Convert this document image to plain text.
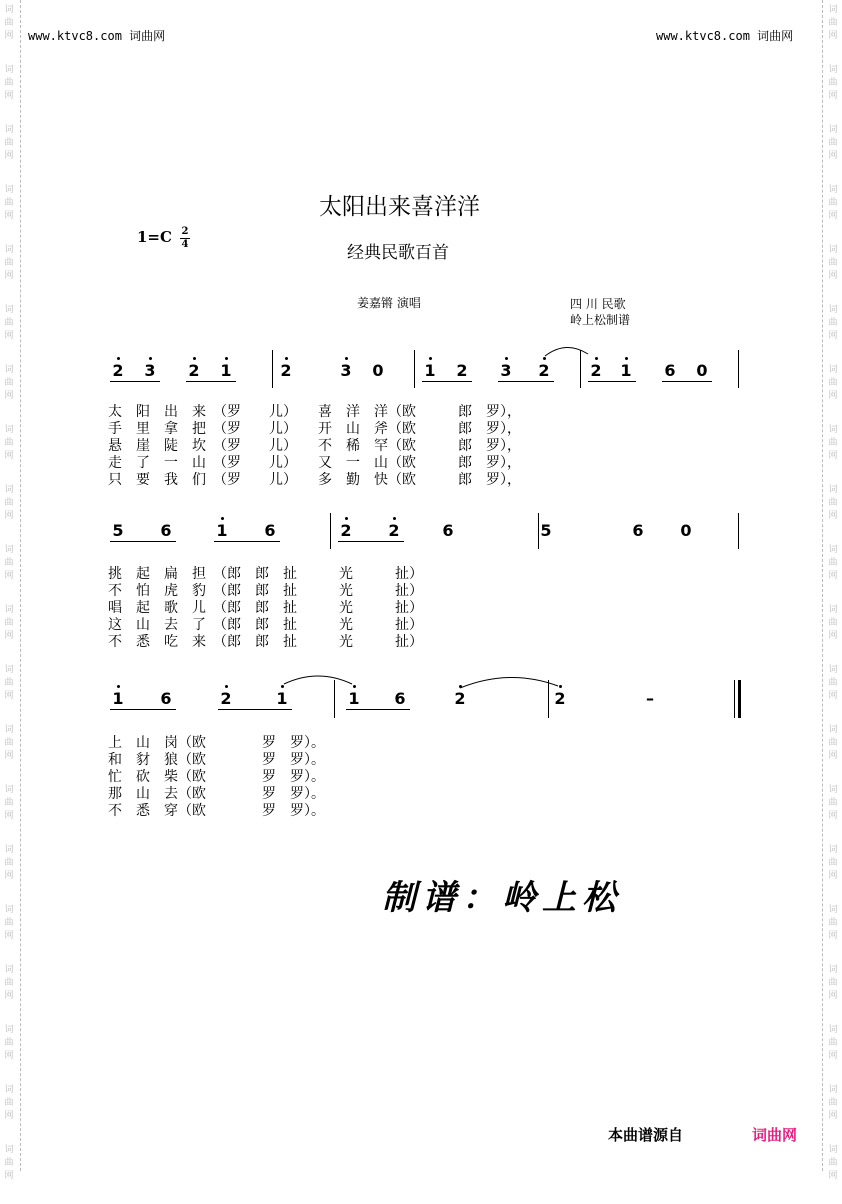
词
曲
网
词
曲
网
词
曲
网
词
曲
网
词
曲
网
词
曲
网
词
曲
网
词
曲
网
词
曲
网
词
曲
网
词
曲
网
词
曲
网
词
曲
网
词
曲
网
词
曲
网
词
曲
网
词
曲
网
词
曲
网
词
曲
网
词
曲
网
词
曲
网
词
曲
网
词
曲
网
词
曲
网
词
曲
网
词
曲
网
词
曲
网
词
曲
网
词
曲
网
词
曲
网
词
曲
网
词
曲
网
词
曲
网
词
曲
网
词
曲
网
词
曲
网
词
曲
网
词
曲
网
词
曲
网
词
曲
网
www.ktvc8.com 词曲网	www.ktvc8.com 词曲网
太阳出来喜洋洋
1=C 2
4	经典民歌百首
姜嘉锵 演唱	四 川 民歌
岭上松制谱
2 3 2 1	2	3 0	1 2 3 2	2 1 6 0
5 6	1 6	2 2	6	5	6 0
1 6	2	1	1 6	2	2	–
太　阳　出　来　（罗　　儿）　　喜　洋　洋（欧　　　郎　罗），
手　里　拿　把　（罗　　儿）　　开　山　斧（欧　　　郎　罗），
悬　崖　陡　坎　（罗　　儿）　　不　稀　罕（欧　　　郎　罗），
走　了　一　山　（罗　　儿）　　又　一　山（欧　　　郎　罗），
只　要　我　们　（罗　　儿）　　多　勤　快（欧　　　郎　罗），
挑　起　扁　担　（郎　郎　扯　　　光　　　扯）
不　怕　虎　豹　（郎　郎　扯　　　光　　　扯）
唱　起　歌　儿　（郎　郎　扯　　　光　　　扯）
这　山　去　了　（郎　郎　扯　　　光　　　扯）
不　悉　吃　来　（郎　郎　扯　　　光　　　扯）
上　山　岗（欧　　　　罗　罗）。
和　豺　狼（欧　　　　罗　罗）。
忙　砍　柴（欧　　　　罗　罗）。
那　山　去（欧　　　　罗　罗）。
不　悉　穿（欧　　　　罗　罗）。
制谱：岭上松
本曲谱源自	词曲网
